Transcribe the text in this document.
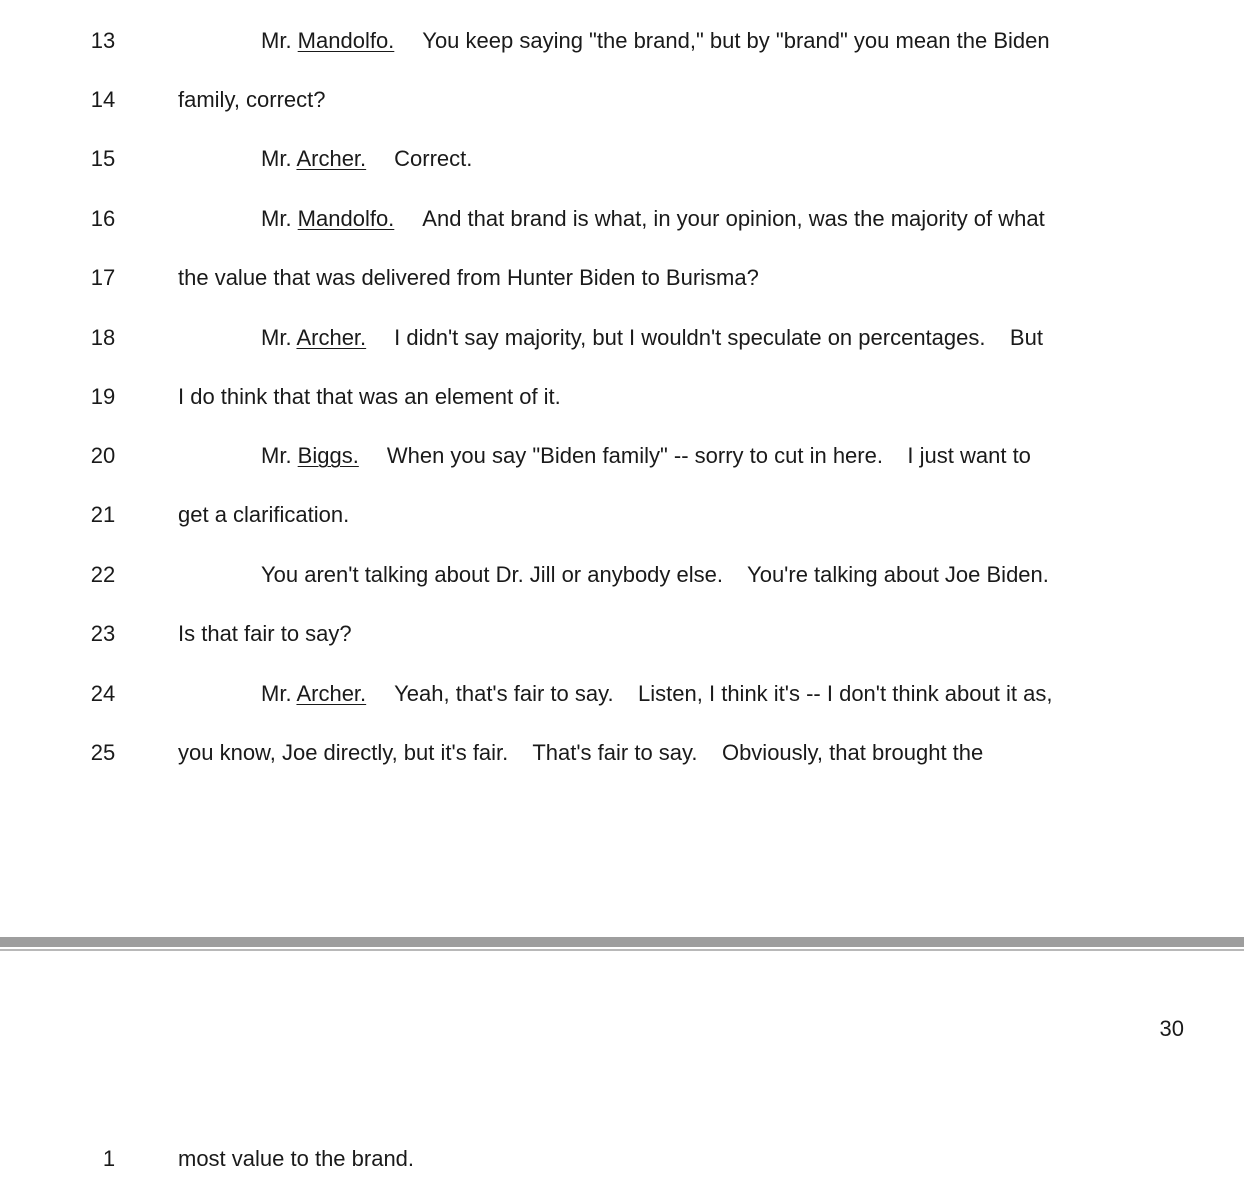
13	Mr. Mandolfo. You keep saying "the brand," but by "brand" you mean the Biden
14	family, correct?
15	Mr. Archer. Correct.
16	Mr. Mandolfo. And that brand is what, in your opinion, was the majority of what
17	the value that was delivered from Hunter Biden to Burisma?
18	Mr. Archer. I didn't say majority, but I wouldn't speculate on percentages.    But
19	I do think that that was an element of it.
20	Mr. Biggs. When you say "Biden family" -- sorry to cut in here.    I just want to
21	get a clarification.
22	You aren't talking about Dr. Jill or anybody else.    You're talking about Joe Biden.
23	Is that fair to say?
24	Mr. Archer. Yeah, that's fair to say.    Listen, I think it's -- I don't think about it as,
25	you know, Joe directly, but it's fair.    That's fair to say.    Obviously, that brought the
30
1	most value to the brand.
